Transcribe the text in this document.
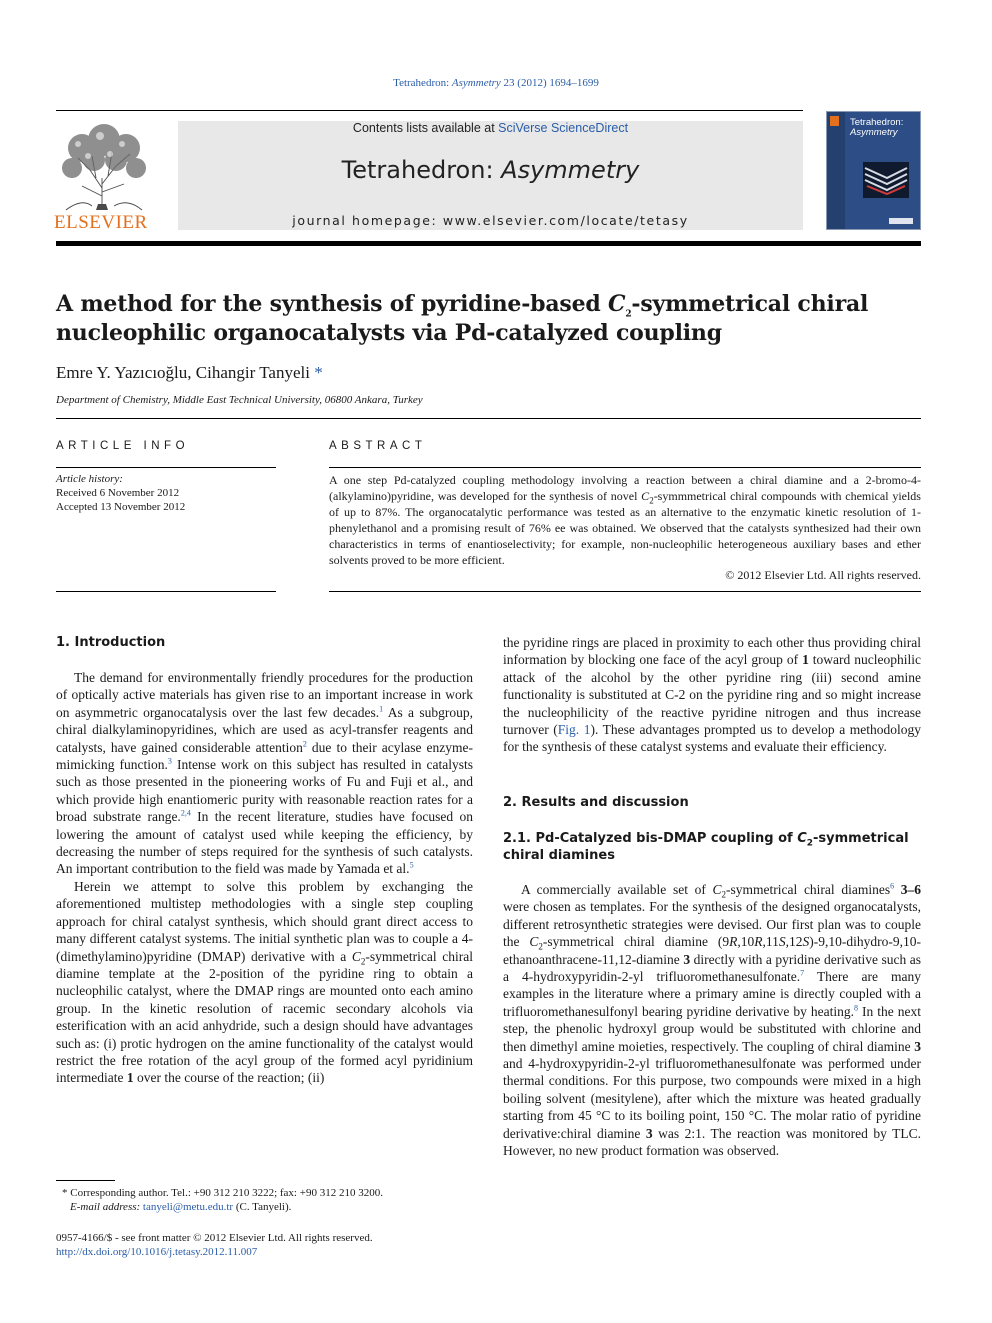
Tetrahedron: Asymmetry 23 (2012) 1694–1699
ELSEVIER
Contents lists available at SciVerse ScienceDirect
Tetrahedron: Asymmetry
journal homepage: www.elsevier.com/locate/tetasy
Tetrahedron:
Asymmetry
A method for the synthesis of pyridine-based $C_2$-symmetrical chiral nucleophilic organocatalysts via Pd-catalyzed coupling
Emre Y. Yazıcıoğlu, Cihangir Tanyeli *
Department of Chemistry, Middle East Technical University, 06800 Ankara, Turkey
ARTICLE INFO
Article history:
Received 6 November 2012
Accepted 13 November 2012
ABSTRACT
A one step Pd-catalyzed coupling methodology involving a reaction between a chiral diamine and a 2-bromo-4-(alkylamino)pyridine, was developed for the synthesis of novel $C_2$-symmmetrical chiral compounds with chemical yields of up to 87%. The organocatalytic performance was tested as an alternative to the enzymatic kinetic resolution of 1-phenylethanol and a promising result of 76% ee was obtained. We observed that the catalysts synthesized had their own characteristics in terms of enantioselectivity; for example, non-nucleophilic heterogeneous auxiliary bases and ether solvents proved to be more efficient.
© 2012 Elsevier Ltd. All rights reserved.
1. Introduction

The demand for environmentally friendly procedures for the production of optically active materials has given rise to an important increase in work on asymmetric organocatalysis over the last few decades.$^1$ As a subgroup, chiral dialkylaminopyridines, which are used as acyl-transfer reagents and catalysts, have gained considerable attention$^2$ due to their acylase enzyme-mimicking function.$^3$ Intense work on this subject has resulted in catalysts such as those presented in the pioneering works of Fu and Fuji et al., and which provide high enantiomeric purity with reasonable reaction rates for a broad substrate range.$^{2,4}$ In the recent literature, studies have focused on lowering the amount of catalyst used while keeping the efficiency, by decreasing the number of steps required for the synthesis of such catalysts. An important contribution to the field was made by Yamada et al.$^5$

Herein we attempt to solve this problem by exchanging the aforementioned multistep methodologies with a single step coupling approach for chiral catalyst synthesis, which should grant direct access to many different catalyst systems. The initial synthetic plan was to couple a 4-(dimethylamino)pyridine (DMAP) derivative with a $C_2$-symmetrical chiral diamine template at the 2-position of the pyridine ring to obtain a nucleophilic catalyst, where the DMAP rings are mounted onto each amino group. In the kinetic resolution of racemic secondary alcohols via esterification with an acid anhydride, such a design should have advantages such as: (i) protic hydrogen on the amine functionality of the catalyst would restrict the free rotation of the acyl group of the formed acyl pyridinium intermediate 1 over the course of the reaction; (ii)

the pyridine rings are placed in proximity to each other thus providing chiral information by blocking one face of the acyl group of 1 toward nucleophilic attack of the alcohol by the other pyridine ring (iii) second amine functionality is substituted at C-2 on the pyridine ring and so might increase the nucleophilicity of the reactive pyridine nitrogen and thus increase turnover (Fig. 1). These advantages prompted us to develop a methodology for the synthesis of these catalyst systems and evaluate their efficiency.

2. Results and discussion
2.1. Pd-Catalyzed bis-DMAP coupling of $C_2$-symmetrical chiral diamines

A commercially available set of $C_2$-symmetrical chiral diamines$^6$ 3–6 were chosen as templates. For the synthesis of the designed organocatalysts, different retrosynthetic strategies were devised. Our first plan was to couple the $C_2$-symmetrical chiral diamine (9R,10R,11S,12S)-9,10-dihydro-9,10-ethanoanthracene-11,12-diamine 3 directly with a pyridine derivative such as a 4-hydroxypyridin-2-yl trifluoromethanesulfonate.$^7$ There are many examples in the literature where a primary amine is directly coupled with a trifluoromethanesulfonyl bearing pyridine derivative by heating.$^8$ In the next step, the phenolic hydroxyl group would be substituted with chlorine and then dimethyl amine moieties, respectively. The coupling of chiral diamine 3 and 4-hydroxypyridin-2-yl trifluoromethanesulfonate was performed under thermal conditions. For this purpose, two compounds were mixed in a high boiling solvent (mesitylene), after which the mixture was heated gradually starting from 45 °C to its boiling point, 150 °C. The molar ratio of pyridine derivative:chiral diamine 3 was 2:1. The reaction was monitored by TLC. However, no new product formation was observed.

* Corresponding author. Tel.: +90 312 210 3222; fax: +90 312 210 3200.
E-mail address: tanyeli@metu.edu.tr (C. Tanyeli).
0957-4166/$ - see front matter © 2012 Elsevier Ltd. All rights reserved.
http://dx.doi.org/10.1016/j.tetasy.2012.11.007
